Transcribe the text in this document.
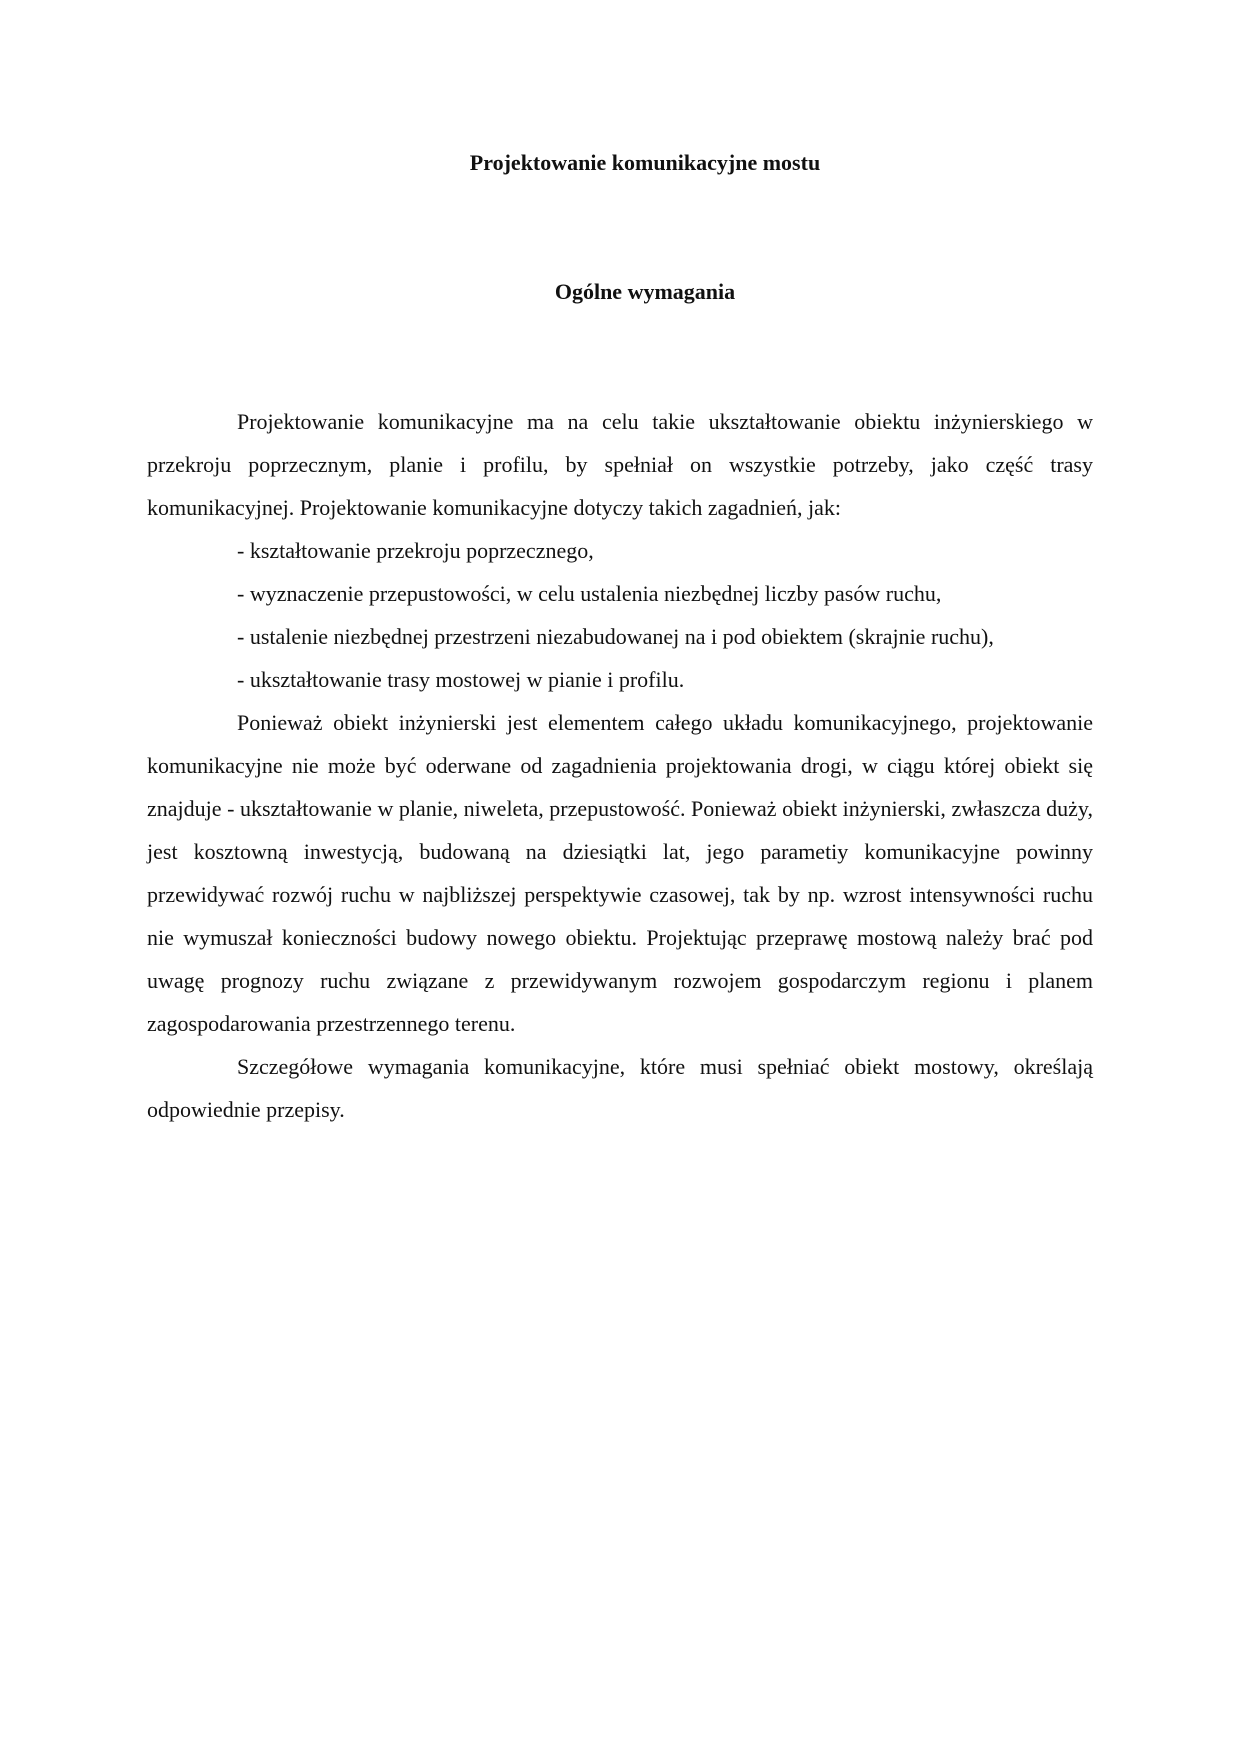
Projektowanie komunikacyjne mostu
Ogólne wymagania

Projektowanie komunikacyjne ma na celu takie ukształtowanie obiektu inżynierskiego w przekroju poprzecznym, planie i profilu, by spełniał on wszystkie potrzeby, jako część trasy komunikacyjnej. Projektowanie komunikacyjne dotyczy takich zagadnień, jak:

- kształtowanie przekroju poprzecznego,

- wyznaczenie przepustowości, w celu ustalenia niezbędnej liczby pasów ruchu,

- ustalenie niezbędnej przestrzeni niezabudowanej na i pod obiektem (skrajnie ruchu),

- ukształtowanie trasy mostowej w pianie i profilu.

Ponieważ obiekt inżynierski jest elementem całego układu komunikacyjnego, projektowanie komunikacyjne nie może być oderwane od zagadnienia projektowania drogi, w ciągu której obiekt się znajduje - ukształtowanie w planie, niweleta, przepustowość. Ponieważ obiekt inżynierski, zwłaszcza duży, jest kosztowną inwestycją, budowaną na dziesiątki lat, jego parametiy komunikacyjne powinny przewidywać rozwój ruchu w najbliższej perspektywie czasowej, tak by np. wzrost intensywności ruchu nie wymuszał konieczności budowy nowego obiektu. Projektując przeprawę mostową należy brać pod uwagę prognozy ruchu związane z przewidywanym rozwojem gospodarczym regionu i planem zagospodarowania przestrzennego terenu.

Szczegółowe wymagania komunikacyjne, które musi spełniać obiekt mostowy, określają odpowiednie przepisy.
